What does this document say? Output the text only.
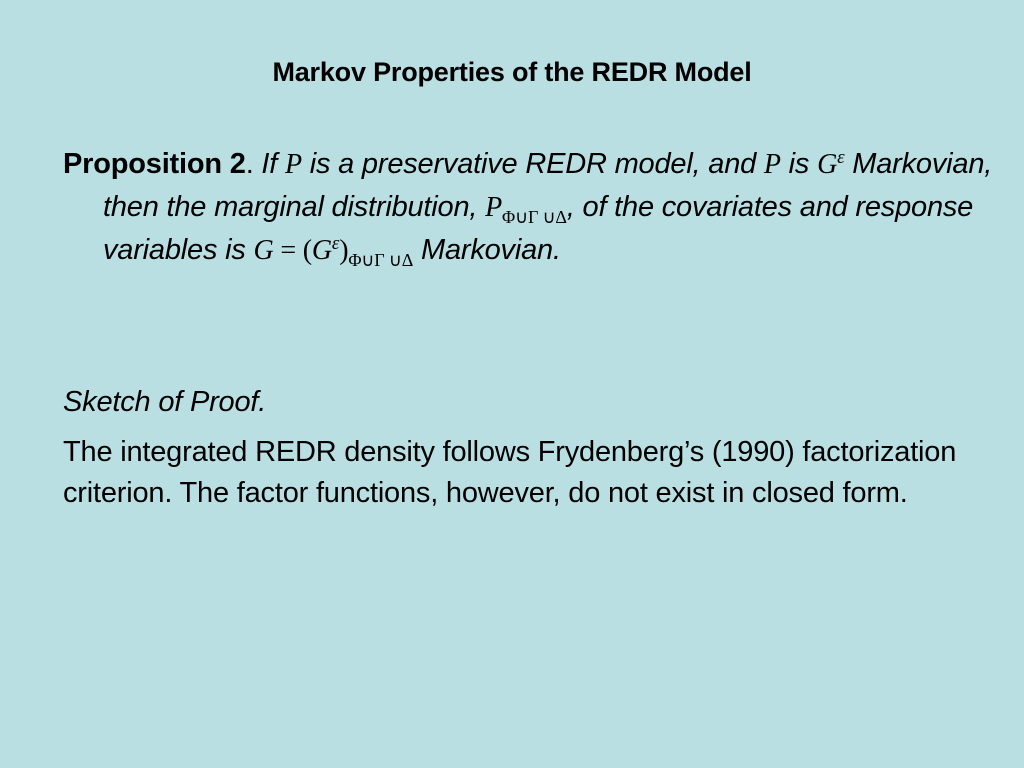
Markov Properties of the REDR Model
Proposition 2. If P is a preservative REDR model, and P is $G^\varepsilon$ Markovian, then the marginal distribution, $P_{\Phi\cup\Gamma \cup\Delta}$, of the covariates and response variables is $G = (G^\varepsilon)_{\Phi\cup\Gamma \cup\Delta}$ Markovian.
Sketch of Proof.
The integrated REDR density follows Frydenberg’s (1990) factorization criterion. The factor functions, however, do not exist in closed form.
